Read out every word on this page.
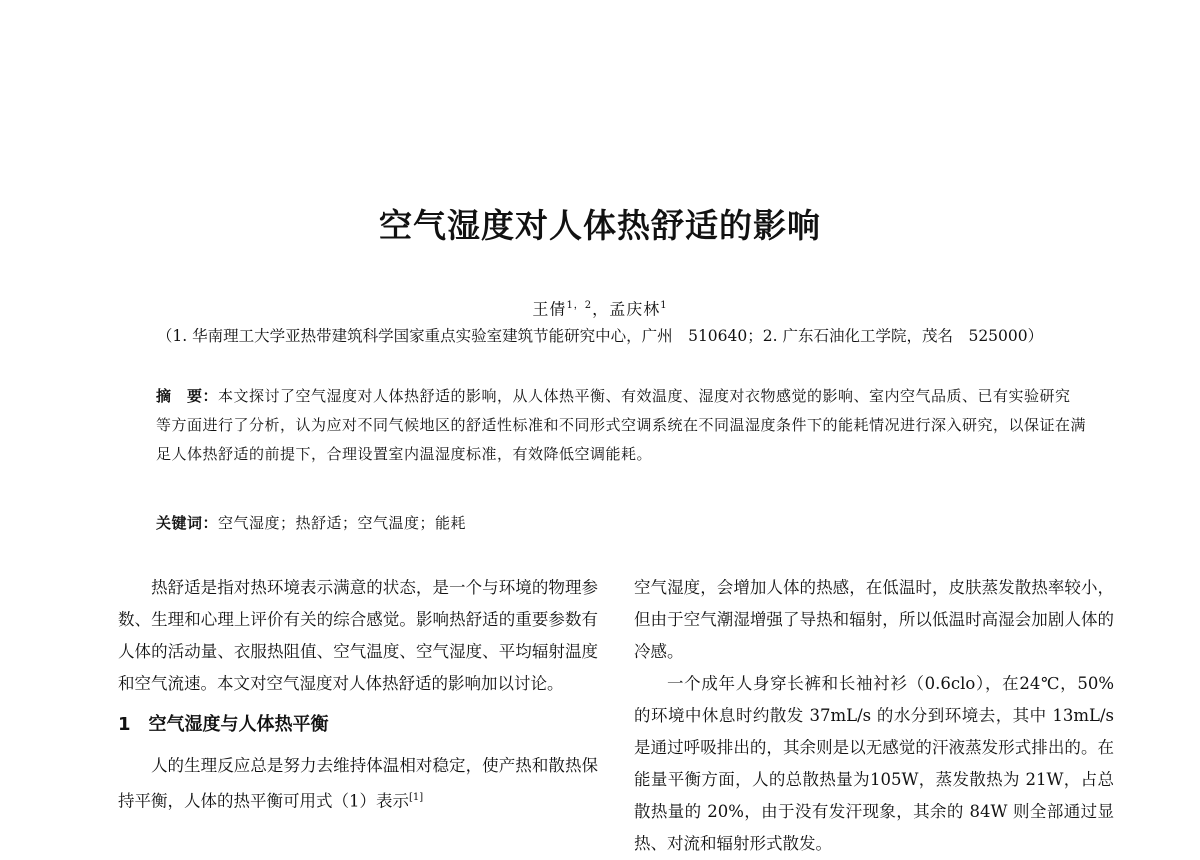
空气湿度对人体热舒适的影响
王倩$^{1,2}$，孟庆林$^1$
（1. 华南理工大学亚热带建筑科学国家重点实验室建筑节能研究中心，广州　510640；2. 广东石油化工学院，茂名　525000）
摘　要：本文探讨了空气湿度对人体热舒适的影响，从人体热平衡、有效温度、湿度对衣物感觉的影响、室内空气品质、已有实验研究等方面进行了分析，认为应对不同气候地区的舒适性标准和不同形式空调系统在不同温湿度条件下的能耗情况进行深入研究，以保证在满足人体热舒适的前提下，合理设置室内温湿度标准，有效降低空调能耗。
关键词：空气湿度；热舒适；空气温度；能耗

热舒适是指对热环境表示满意的状态，是一个与环境的物理参数、生理和心理上评价有关的综合感觉。影响热舒适的重要参数有人体的活动量、衣服热阻值、空气温度、空气湿度、平均辐射温度和空气流速。本文对空气湿度对人体热舒适的影响加以讨论。

1 空气湿度与人体热平衡

人的生理反应总是努力去维持体温相对稳定，使产热和散热保持平衡，人体的热平衡可用式（1）表示[1]

空气湿度，会增加人体的热感，在低温时，皮肤蒸发散热率较小，但由于空气潮湿增强了导热和辐射，所以低温时高湿会加剧人体的冷感。

一个成年人身穿长裤和长袖衬衫（0.6clo），在24℃，50% 的环境中休息时约散发 37mL/s 的水分到环境去，其中 13mL/s 是通过呼吸排出的，其余则是以无感觉的汗液蒸发形式排出的。在能量平衡方面，人的总散热量为105W，蒸发散热为 21W，占总散热量的 20%，由于没有发汗现象，其余的 84W 则全部通过显热、对流和辐射形式散发。
